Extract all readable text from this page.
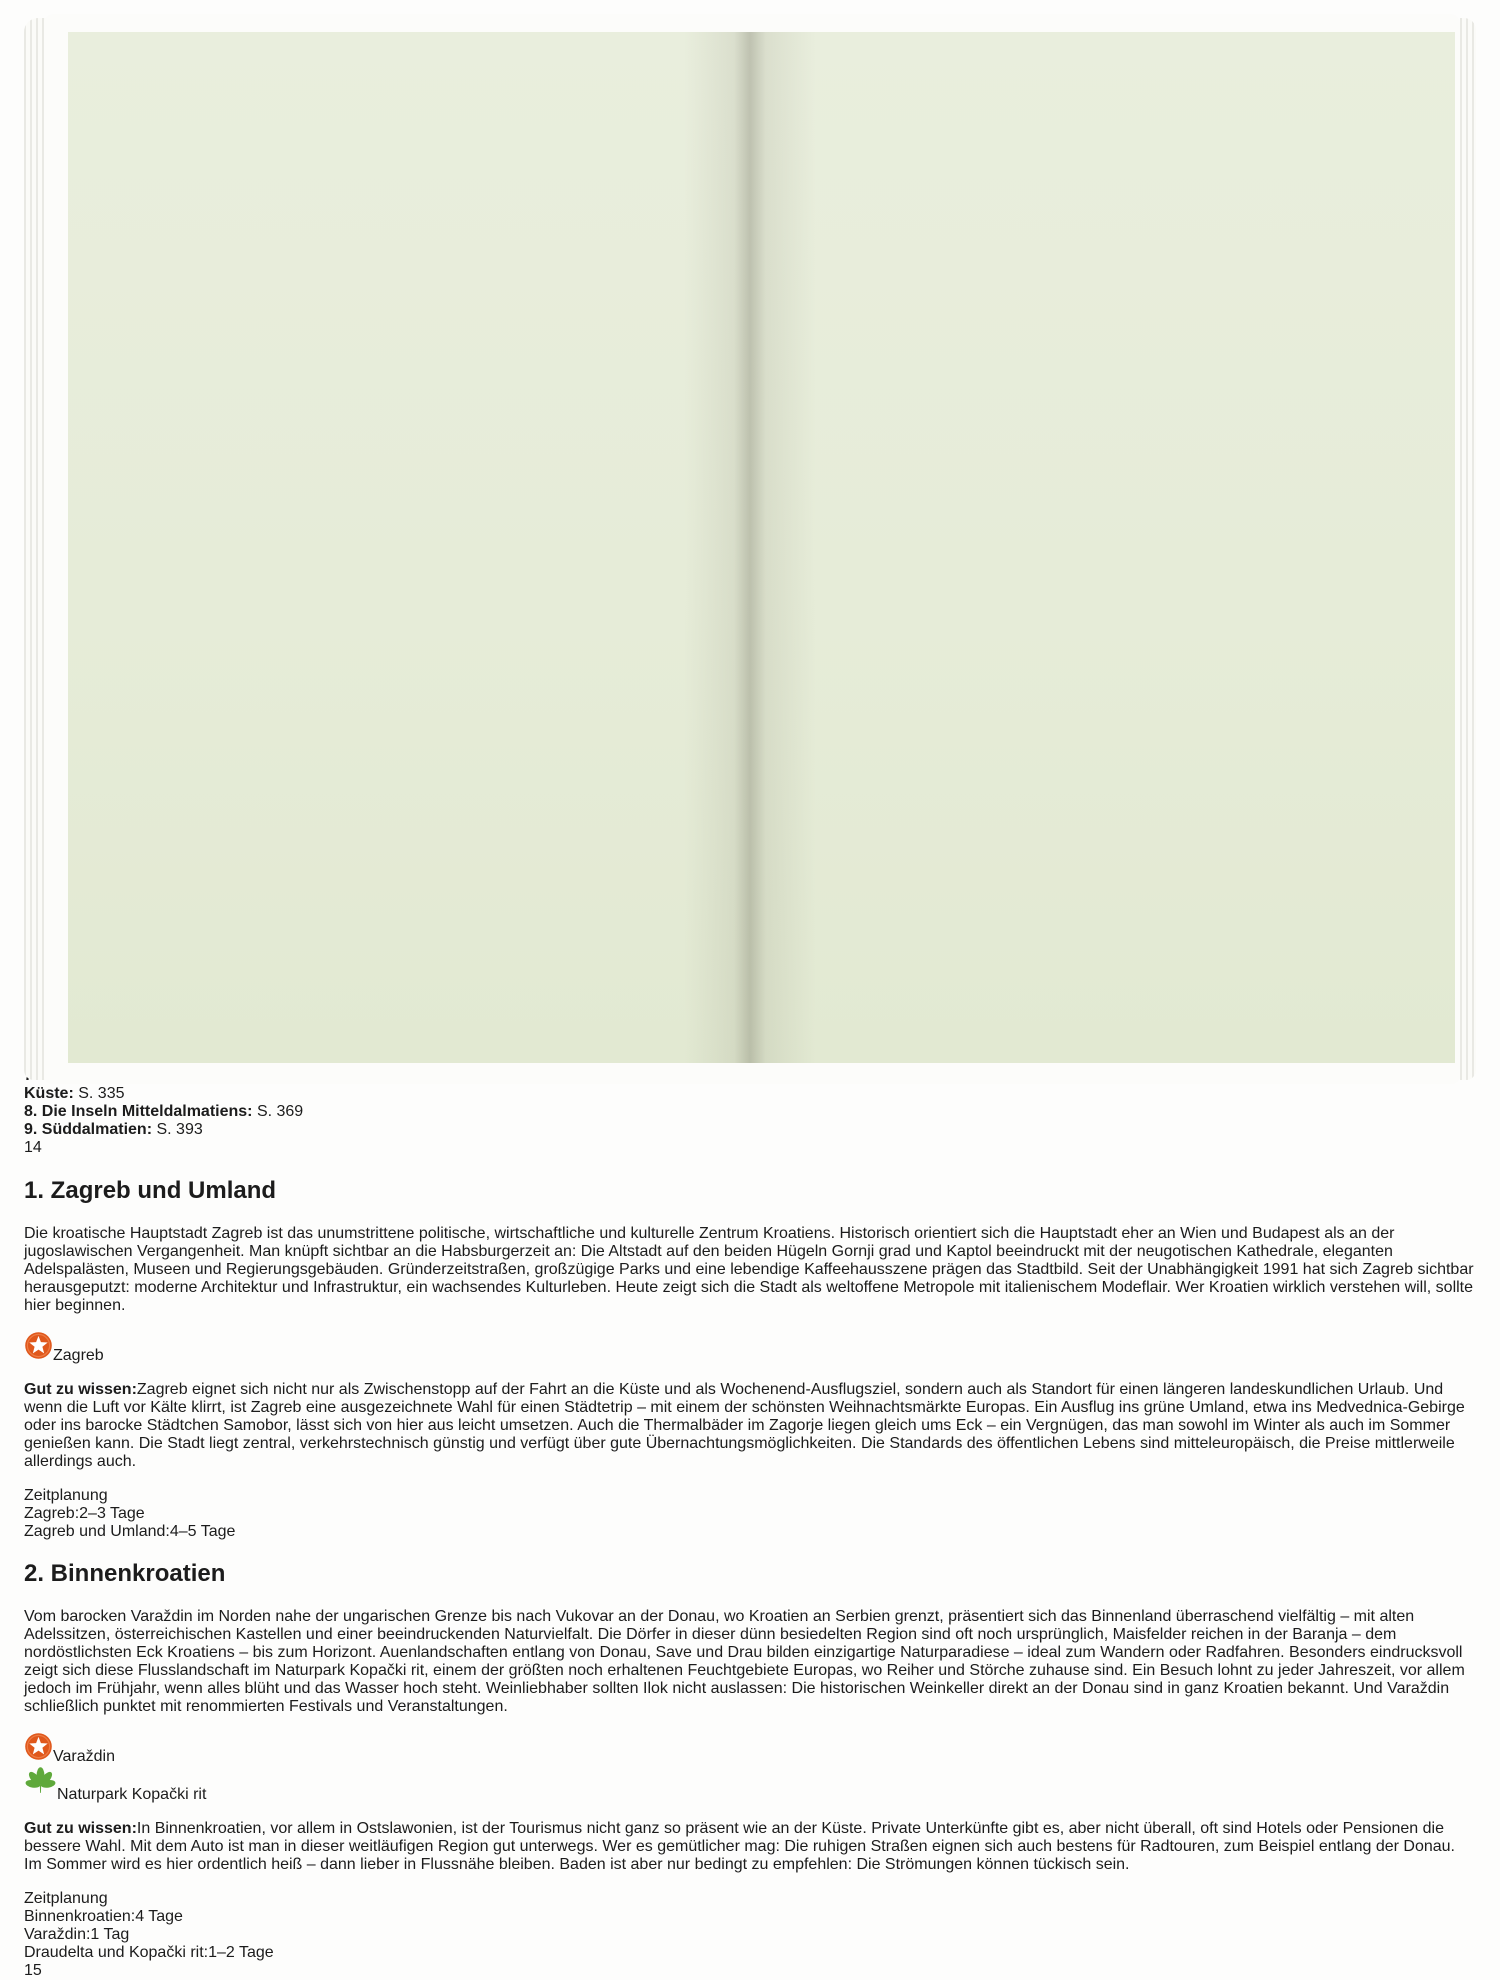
Küste: S. 335
8. Die Inseln Mitteldalmatiens: S. 369
9. Süddalmatien: S. 393
14
1. Zagreb und Umland

Die kroatische Hauptstadt Zagreb ist das unumstrittene politische, wirtschaftliche und kulturelle Zentrum Kroatiens. Historisch orientiert sich die Hauptstadt eher an Wien und Budapest als an der jugoslawischen Vergangenheit. Man knüpft sichtbar an die Habsburgerzeit an: Die Altstadt auf den beiden Hügeln Gornji grad und Kaptol beeindruckt mit der neugotischen Kathedrale, eleganten Adelspalästen, Museen und Regierungsgebäuden. Gründerzeitstraßen, großzügige Parks und eine lebendige Kaffeehausszene prägen das Stadtbild. Seit der Unabhängigkeit 1991 hat sich Zagreb sichtbar herausgeputzt: moderne Architektur und Infrastruktur, ein wachsendes Kulturleben. Heute zeigt sich die Stadt als weltoffene Metropole mit italienischem Modeflair. Wer Kroatien wirklich verstehen will, sollte hier beginnen.

Zagreb

Gut zu wissen:Zagreb eignet sich nicht nur als Zwischenstopp auf der Fahrt an die Küste und als Wochenend-Ausflugsziel, sondern auch als Standort für einen längeren landeskundlichen Urlaub. Und wenn die Luft vor Kälte klirrt, ist Zagreb eine ausgezeichnete Wahl für einen Städtetrip – mit einem der schönsten Weihnachtsmärkte Europas. Ein Ausflug ins grüne Umland, etwa ins Medvednica-Gebirge oder ins barocke Städtchen Samobor, lässt sich von hier aus leicht umsetzen. Auch die Thermalbäder im Zagorje liegen gleich ums Eck – ein Vergnügen, das man sowohl im Winter als auch im Sommer genießen kann. Die Stadt liegt zentral, verkehrstechnisch günstig und verfügt über gute Übernachtungsmöglichkeiten. Die Standards des öffentlichen Lebens sind mitteleuropäisch, die Preise mittlerweile allerdings auch.

Zeitplanung
Zagreb:2–3 Tage
Zagreb und Umland:4–5 Tage
2. Binnenkroatien

Vom barocken Varaždin im Norden nahe der ungarischen Grenze bis nach Vukovar an der Donau, wo Kroatien an Serbien grenzt, präsentiert sich das Binnenland überraschend vielfältig – mit alten Adelssitzen, österreichischen Kastellen und einer beeindruckenden Naturvielfalt. Die Dörfer in dieser dünn besiedelten Region sind oft noch ursprünglich, Maisfelder reichen in der Baranja – dem nordöstlichsten Eck Kroatiens – bis zum Horizont. Auenlandschaften entlang von Donau, Save und Drau bilden einzigartige Naturparadiese – ideal zum Wandern oder Radfahren. Besonders eindrucksvoll zeigt sich diese Flusslandschaft im Naturpark Kopački rit, einem der größten noch erhaltenen Feuchtgebiete Europas, wo Reiher und Störche zuhause sind. Ein Besuch lohnt zu jeder Jahreszeit, vor allem jedoch im Frühjahr, wenn alles blüht und das Wasser hoch steht. Weinliebhaber sollten Ilok nicht auslassen: Die historischen Weinkeller direkt an der Donau sind in ganz Kroatien bekannt. Und Varaždin schließlich punktet mit renommierten Festivals und Veranstaltungen.

Varaždin
Naturpark Kopački rit

Gut zu wissen:In Binnenkroatien, vor allem in Ostslawonien, ist der Tourismus nicht ganz so präsent wie an der Küste. Private Unterkünfte gibt es, aber nicht überall, oft sind Hotels oder Pensionen die bessere Wahl. Mit dem Auto ist man in dieser weitläufigen Region gut unterwegs. Wer es gemütlicher mag: Die ruhigen Straßen eignen sich auch bestens für Radtouren, zum Beispiel entlang der Donau. Im Sommer wird es hier ordentlich heiß – dann lieber in Flussnähe bleiben. Baden ist aber nur bedingt zu empfehlen: Die Strömungen können tückisch sein.

Zeitplanung
Binnenkroatien:4 Tage
Varaždin:1 Tag
Draudelta und Kopački rit:1–2 Tage
15
